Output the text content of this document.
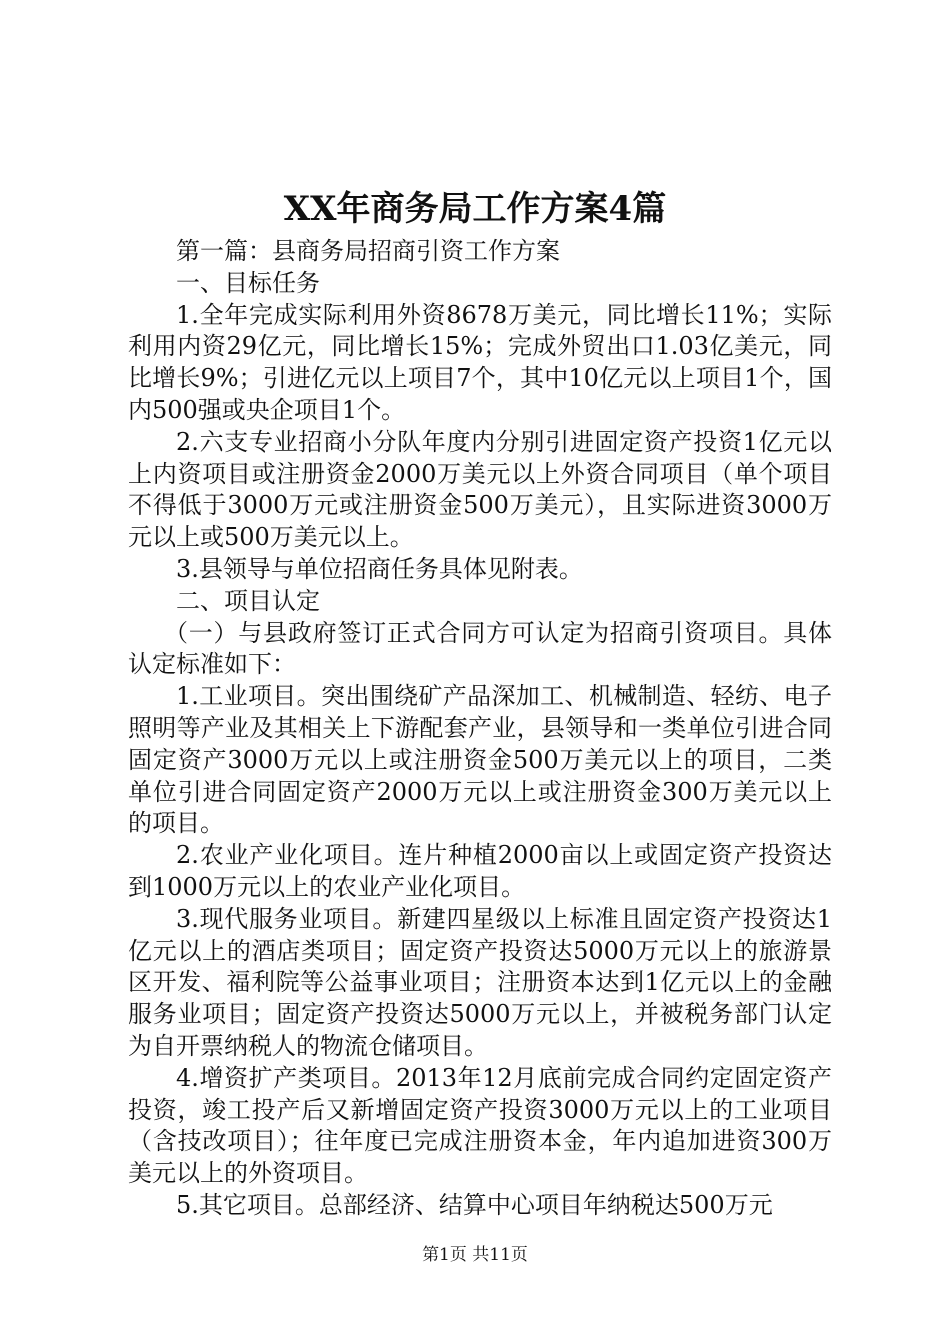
XX年商务局工作方案4篇

第一篇：县商务局招商引资工作方案

一、目标任务

1.全年完成实际利用外资8678万美元，同比增长11%；实际利用内资29亿元，同比增长15%；完成外贸出口1.03亿美元，同比增长9%；引进亿元以上项目7个，其中10亿元以上项目1个，国内500强或央企项目1个。

2.六支专业招商小分队年度内分别引进固定资产投资1亿元以上内资项目或注册资金2000万美元以上外资合同项目（单个项目不得低于3000万元或注册资金500万美元），且实际进资3000万元以上或500万美元以上。

3.县领导与单位招商任务具体见附表。

二、项目认定

（一）与县政府签订正式合同方可认定为招商引资项目。具体认定标准如下：

1.工业项目。突出围绕矿产品深加工、机械制造、轻纺、电子照明等产业及其相关上下游配套产业，县领导和一类单位引进合同固定资产3000万元以上或注册资金500万美元以上的项目，二类单位引进合同固定资产2000万元以上或注册资金300万美元以上的项目。

2.农业产业化项目。连片种植2000亩以上或固定资产投资达到1000万元以上的农业产业化项目。

3.现代服务业项目。新建四星级以上标准且固定资产投资达1亿元以上的酒店类项目；固定资产投资达5000万元以上的旅游景区开发、福利院等公益事业项目；注册资本达到1亿元以上的金融服务业项目；固定资产投资达5000万元以上，并被税务部门认定为自开票纳税人的物流仓储项目。

4.增资扩产类项目。2013年12月底前完成合同约定固定资产投资，竣工投产后又新增固定资产投资3000万元以上的工业项目（含技改项目）；往年度已完成注册资本金，年内追加进资300万美元以上的外资项目。

5.其它项目。总部经济、结算中心项目年纳税达500万元

第1页 共11页
